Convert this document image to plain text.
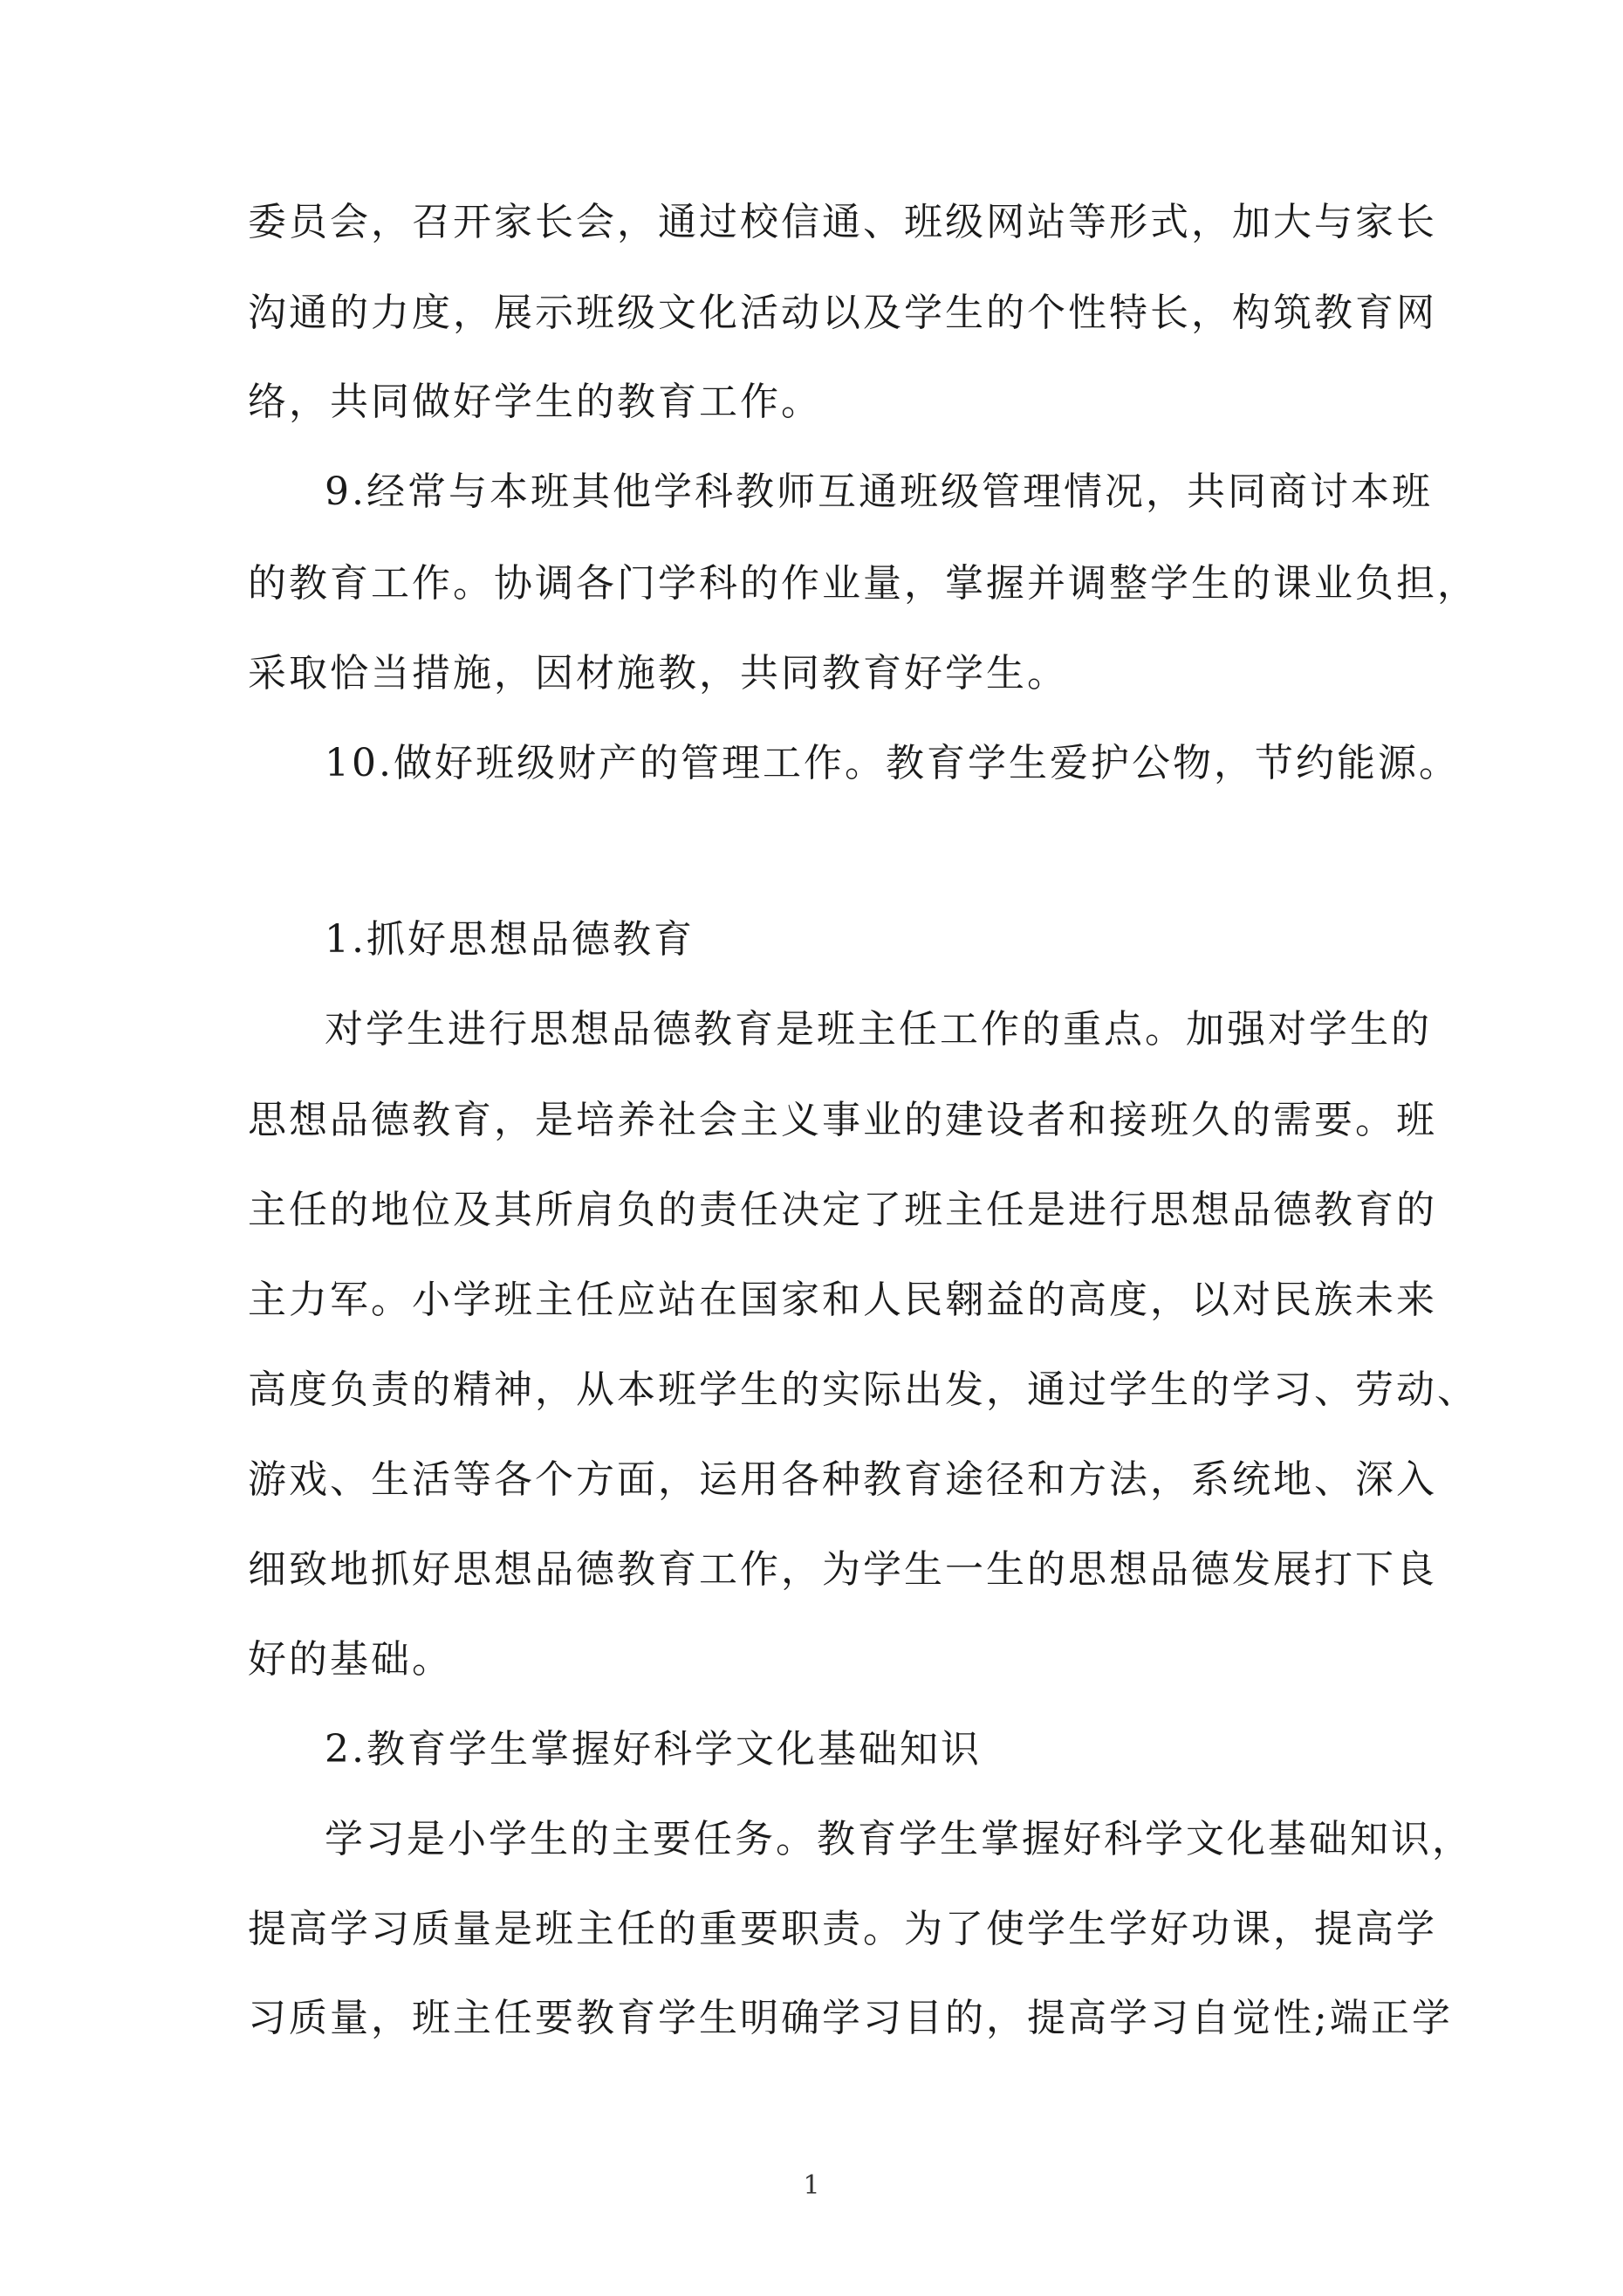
委员会，召开家长会，通过校信通、班级网站等形式，加大与家长
沟通的力度，展示班级文化活动以及学生的个性特长，构筑教育网
络，共同做好学生的教育工作。
9.经常与本班其他学科教师互通班级管理情况，共同商讨本班
的教育工作。协调各门学科的作业量，掌握并调整学生的课业负担，
采取恰当措施，因材施教，共同教育好学生。
10.做好班级财产的管理工作。教育学生爱护公物，节约能源。
1.抓好思想品德教育
对学生进行思想品德教育是班主任工作的重点。加强对学生的
思想品德教育，是培养社会主义事业的建设者和接班久的需要。班
主任的地位及其所肩负的责任决定了班主任是进行思想品德教育的
主力军。小学班主任应站在国家和人民翱益的高度，以对民族未来
高度负责的精神，从本班学生的实际出发，通过学生的学习、劳动、
游戏、生活等各个方面，运用各种教育途径和方法，系统地、深入
细致地抓好思想品德教育工作，为学生一生的思想品德发展打下良
好的基础。
2.教育学生掌握好科学文化基础知识
学习是小学生的主要任务。教育学生掌握好科学文化基础知识，
提高学习质量是班主任的重要职责。为了使学生学好功课，提高学
习质量，班主任要教育学生明确学习目的，提高学习自觉性;端正学
1
